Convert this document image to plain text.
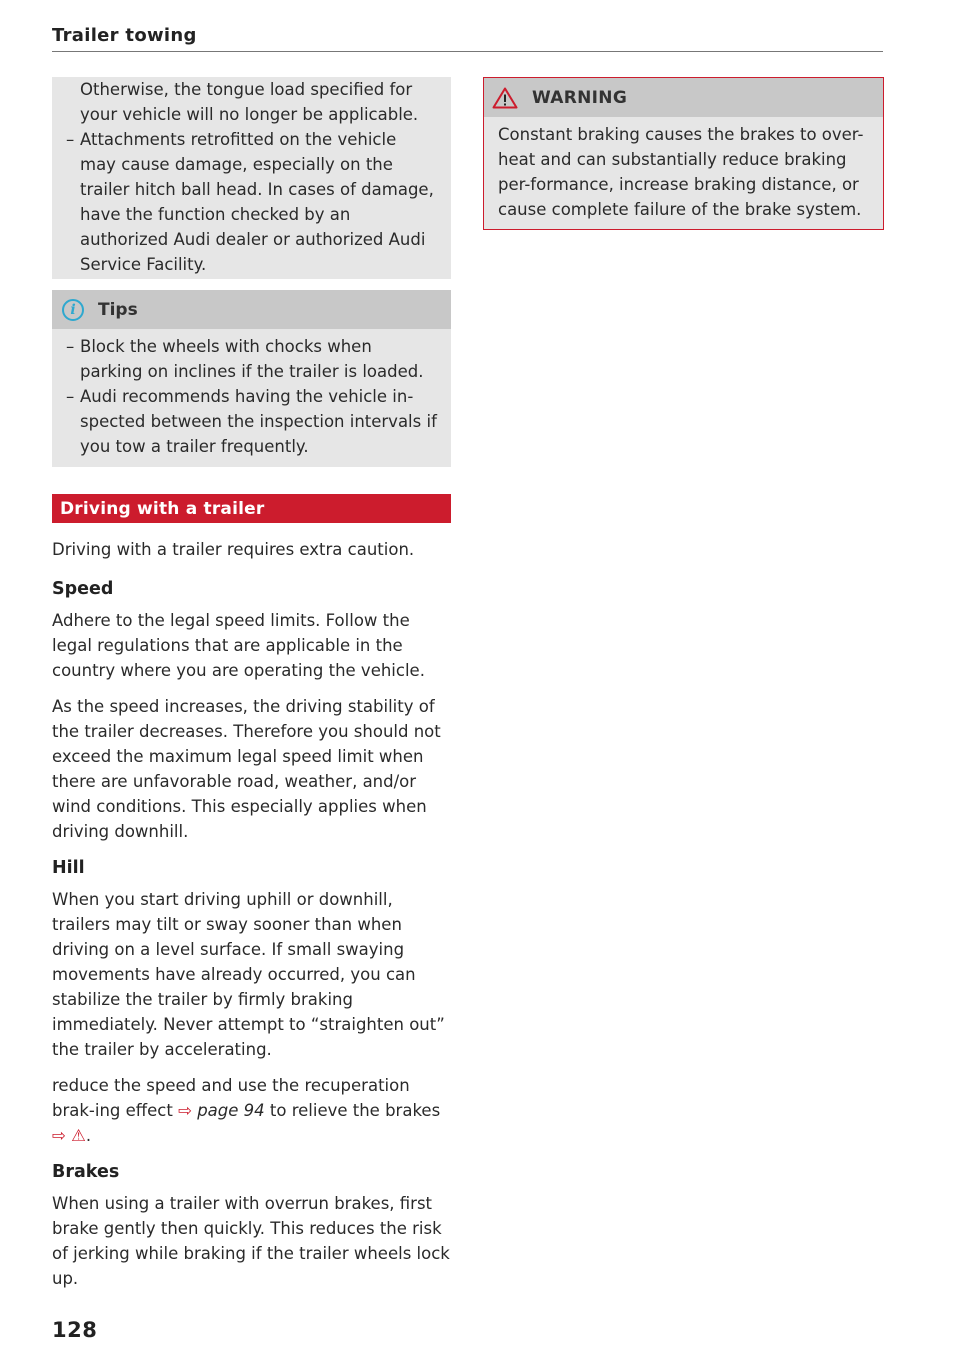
Trailer towing
Otherwise, the tongue load specified for
your vehicle will no longer be applicable.
– Attachments retrofitted on the vehicle may cause damage, especially on the trailer hitch ball head. In cases of damage, have the function checked by an authorized Audi dealer or authorized Audi Service Facility.
i	Tips
– Block the wheels with chocks when parking on inclines if the trailer is loaded.
– Audi recommends having the vehicle in-spected between the inspection intervals if you tow a trailer frequently.
Driving with a trailer

Driving with a trailer requires extra caution.

Speed

Adhere to the legal speed limits. Follow the legal regulations that are applicable in the country where you are operating the vehicle.

As the speed increases, the driving stability of the trailer decreases. Therefore you should not exceed the maximum legal speed limit when there are unfavorable road, weather, and/or wind conditions. This especially applies when driving downhill.

Hill

When you start driving uphill or downhill, trailers may tilt or sway sooner than when driving on a level surface. If small swaying movements have already occurred, you can stabilize the trailer by firmly braking immediately. Never attempt to “straighten out” the trailer by accelerating.

reduce the speed and use the recuperation brak-ing effect ⇨ page 94 to relieve the brakes ⇨ ⚠.

Brakes

When using a trailer with overrun brakes, first brake gently then quickly. This reduces the risk of jerking while braking if the trailer wheels lock up.

WARNING
Constant braking causes the brakes to over-heat and can substantially reduce braking per-formance, increase braking distance, or cause complete failure of the brake system.
128
